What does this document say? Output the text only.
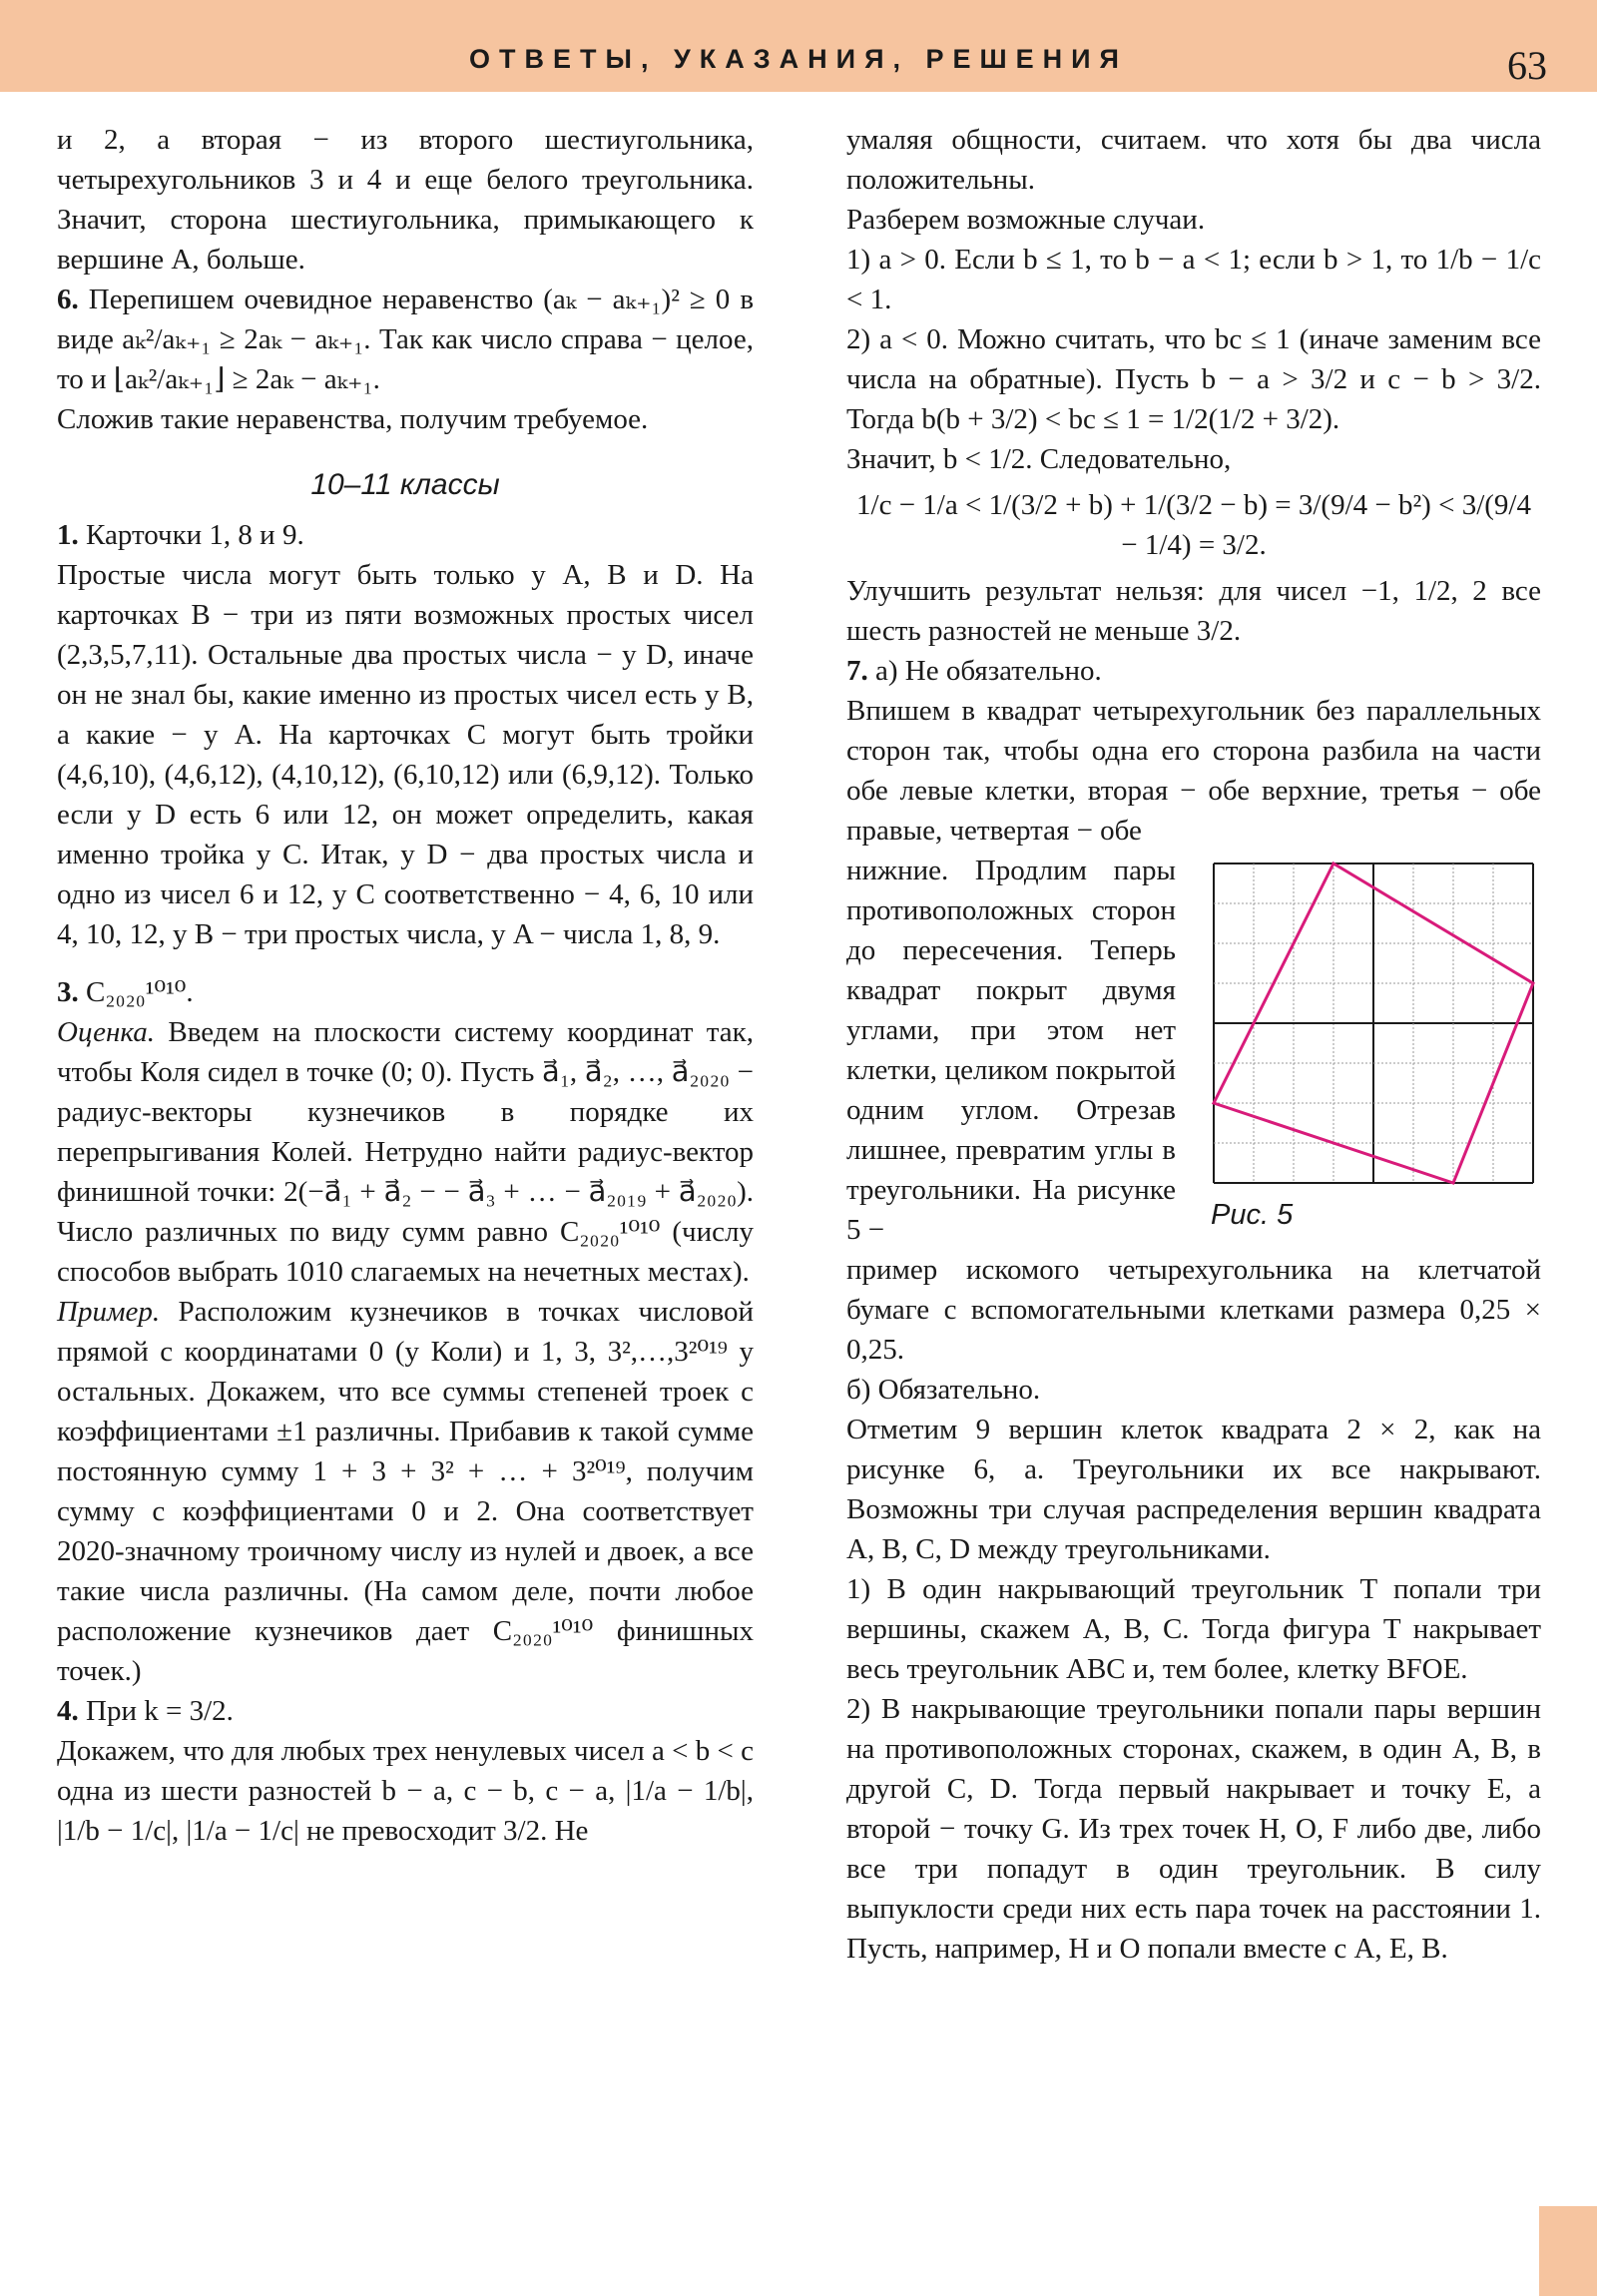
ОТВЕТЫ, УКАЗАНИЯ, РЕШЕНИЯ	63

и 2, а вторая − из второго шестиугольника, четырехугольников 3 и 4 и еще белого треугольника. Значит, сторона шестиугольника, примыкающего к вершине A, больше.

6. Перепишем очевидное неравенство (aₖ − aₖ₊₁)² ≥ 0 в виде aₖ²/aₖ₊₁ ≥ 2aₖ − aₖ₊₁. Так как число справа − целое, то и ⌊aₖ²/aₖ₊₁⌋ ≥ 2aₖ − aₖ₊₁.

Сложив такие неравенства, получим требуемое.

10–11 классы

1. Карточки 1, 8 и 9.

Простые числа могут быть только у A, B и D. На карточках B − три из пяти возможных простых чисел (2,3,5,7,11). Остальные два простых числа − у D, иначе он не знал бы, какие именно из простых чисел есть у B, а какие − у A. На карточках C могут быть тройки (4,6,10), (4,6,12), (4,10,12), (6,10,12) или (6,9,12). Только если у D есть 6 или 12, он может определить, какая именно тройка у C. Итак, у D − два простых числа и одно из чисел 6 и 12, у C соответственно − 4, 6, 10 или 4, 10, 12, у B − три простых числа, у A − числа 1, 8, 9.

3. C₂₀₂₀¹⁰¹⁰.

Оценка. Введем на плоскости систему координат так, чтобы Коля сидел в точке (0; 0). Пусть a⃗₁, a⃗₂, …, a⃗₂₀₂₀ − радиус-векторы кузнечиков в порядке их перепрыгивания Колей. Нетрудно найти радиус-вектор финишной точки: 2(−a⃗₁ + a⃗₂ − − a⃗₃ + … − a⃗₂₀₁₉ + a⃗₂₀₂₀). Число различных по виду сумм равно C₂₀₂₀¹⁰¹⁰ (числу способов выбрать 1010 слагаемых на нечетных местах).

Пример. Расположим кузнечиков в точках числовой прямой с координатами 0 (у Коли) и 1, 3, 3²,…,3²⁰¹⁹ у остальных. Докажем, что все суммы степеней троек с коэффициентами ±1 различны. Прибавив к такой сумме постоянную сумму 1 + 3 + 3² + … + 3²⁰¹⁹, получим сумму с коэффициентами 0 и 2. Она соответствует 2020-значному троичному числу из нулей и двоек, а все такие числа различны. (На самом деле, почти любое расположение кузнечиков дает C₂₀₂₀¹⁰¹⁰ финишных точек.)

4. При k = 3/2.

Докажем, что для любых трех ненулевых чисел a < b < c одна из шести разностей b − a, c − b, c − a, |1/a − 1/b|, |1/b − 1/c|, |1/a − 1/c| не превосходит 3/2. Не

умаляя общности, считаем. что хотя бы два числа положительны.

Разберем возможные случаи.

1) a > 0. Если b ≤ 1, то b − a < 1; если b > 1, то 1/b − 1/c < 1.

2) a < 0. Можно считать, что bc ≤ 1 (иначе заменим все числа на обратные). Пусть b − a > 3/2 и c − b > 3/2. Тогда b(b + 3/2) < bc ≤ 1 = 1/2(1/2 + 3/2).

Значит, b < 1/2. Следовательно,

1/c − 1/a < 1/(3/2 + b) + 1/(3/2 − b) = 3/(9/4 − b²) < 3/(9/4 − 1/4) = 3/2.

Улучшить результат нельзя: для чисел −1, 1/2, 2 все шесть разностей не меньше 3/2.

7. а) Не обязательно.

Впишем в квадрат четырехугольник без параллельных сторон так, чтобы одна его сторона разбила на части обе левые клетки, вторая − обе верхние, третья − обе правые, четвертая − обе

нижние. Продлим пары противоположных сторон до пересечения. Теперь квадрат покрыт двумя углами, при этом нет клетки, целиком покрытой одним углом. Отрезав лишнее, превратим углы в треугольники. На рисунке 5 −	Рис. 5

пример искомого четырехугольника на клетчатой бумаге с вспомогательными клетками размера 0,25 × 0,25.

б) Обязательно.

Отметим 9 вершин клеток квадрата 2 × 2, как на рисунке 6, а. Треугольники их все накрывают. Возможны три случая распределения вершин квадрата A, B, C, D между треугольниками.

1) В один накрывающий треугольник T попали три вершины, скажем A, B, C. Тогда фигура T накрывает весь треугольник ABC и, тем более, клетку BFOE.

2) В накрывающие треугольники попали пары вершин на противоположных сторонах, скажем, в один A, B, в другой C, D. Тогда первый накрывает и точку E, а второй − точку G. Из трех точек H, O, F либо две, либо все три попадут в один треугольник. В силу выпуклости среди них есть пара точек на расстоянии 1. Пусть, например, H и O попали вместе с A, E, B.
